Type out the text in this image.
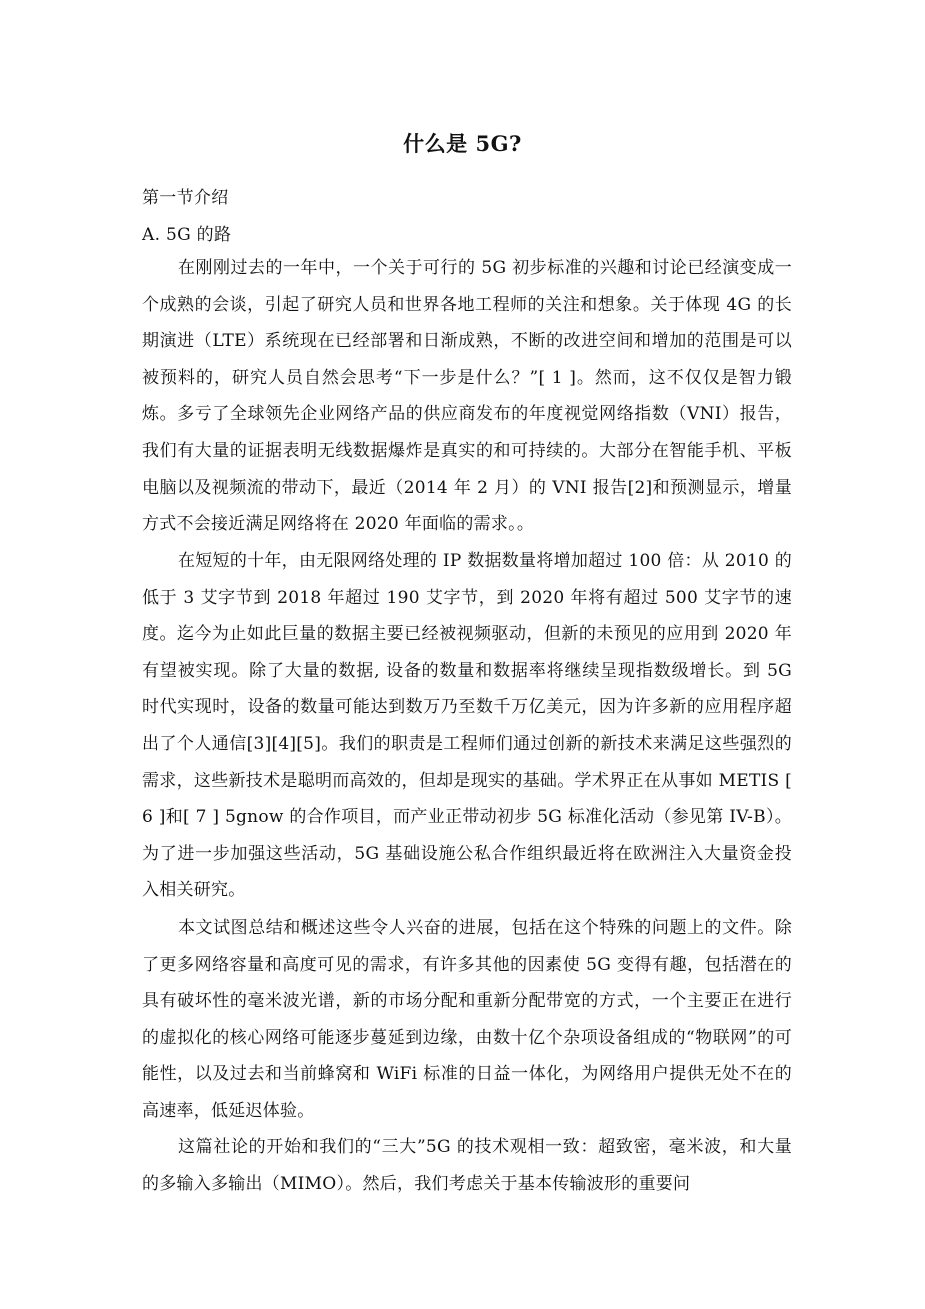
什么是 5G?
第一节介绍
A. 5G 的路

在刚刚过去的一年中，一个关于可行的 5G 初步标准的兴趣和讨论已经演变成一个成熟的会谈，引起了研究人员和世界各地工程师的关注和想象。关于体现 4G 的长期演进（LTE）系统现在已经部署和日渐成熟，不断的改进空间和增加的范围是可以被预料的，研究人员自然会思考“下一步是什么？”[ 1 ]。然而，这不仅仅是智力锻炼。多亏了全球领先企业网络产品的供应商发布的年度视觉网络指数（VNI）报告，我们有大量的证据表明无线数据爆炸是真实的和可持续的。大部分在智能手机、平板电脑以及视频流的带动下，最近（2014 年 2 月）的 VNI 报告[2]和预测显示，增量方式不会接近满足网络将在 2020 年面临的需求。。

在短短的十年，由无限网络处理的 IP 数据数量将增加超过 100 倍：从 2010 的低于 3 艾字节到 2018 年超过 190 艾字节，到 2020 年将有超过 500 艾字节的速度。迄今为止如此巨量的数据主要已经被视频驱动，但新的未预见的应用到 2020 年有望被实现。除了大量的数据, 设备的数量和数据率将继续呈现指数级增长。到 5G 时代实现时，设备的数量可能达到数万乃至数千万亿美元，因为许多新的应用程序超出了个人通信[3][4][5]。我们的职责是工程师们通过创新的新技术来满足这些强烈的需求，这些新技术是聪明而高效的，但却是现实的基础。学术界正在从事如 METIS [ 6 ]和[ 7 ] 5gnow 的合作项目，而产业正带动初步 5G 标准化活动（参见第 IV-B）。为了进一步加强这些活动，5G 基础设施公私合作组织最近将在欧洲注入大量资金投入相关研究。

本文试图总结和概述这些令人兴奋的进展，包括在这个特殊的问题上的文件。除了更多网络容量和高度可见的需求，有许多其他的因素使 5G 变得有趣，包括潜在的具有破坏性的毫米波光谱，新的市场分配和重新分配带宽的方式，一个主要正在进行的虚拟化的核心网络可能逐步蔓延到边缘，由数十亿个杂项设备组成的“物联网”的可能性，以及过去和当前蜂窝和 WiFi 标准的日益一体化，为网络用户提供无处不在的高速率，低延迟体验。

这篇社论的开始和我们的“三大”5G 的技术观相一致：超致密，毫米波，和大量的多输入多输出（MIMO）。然后，我们考虑关于基本传输波形的重要问
